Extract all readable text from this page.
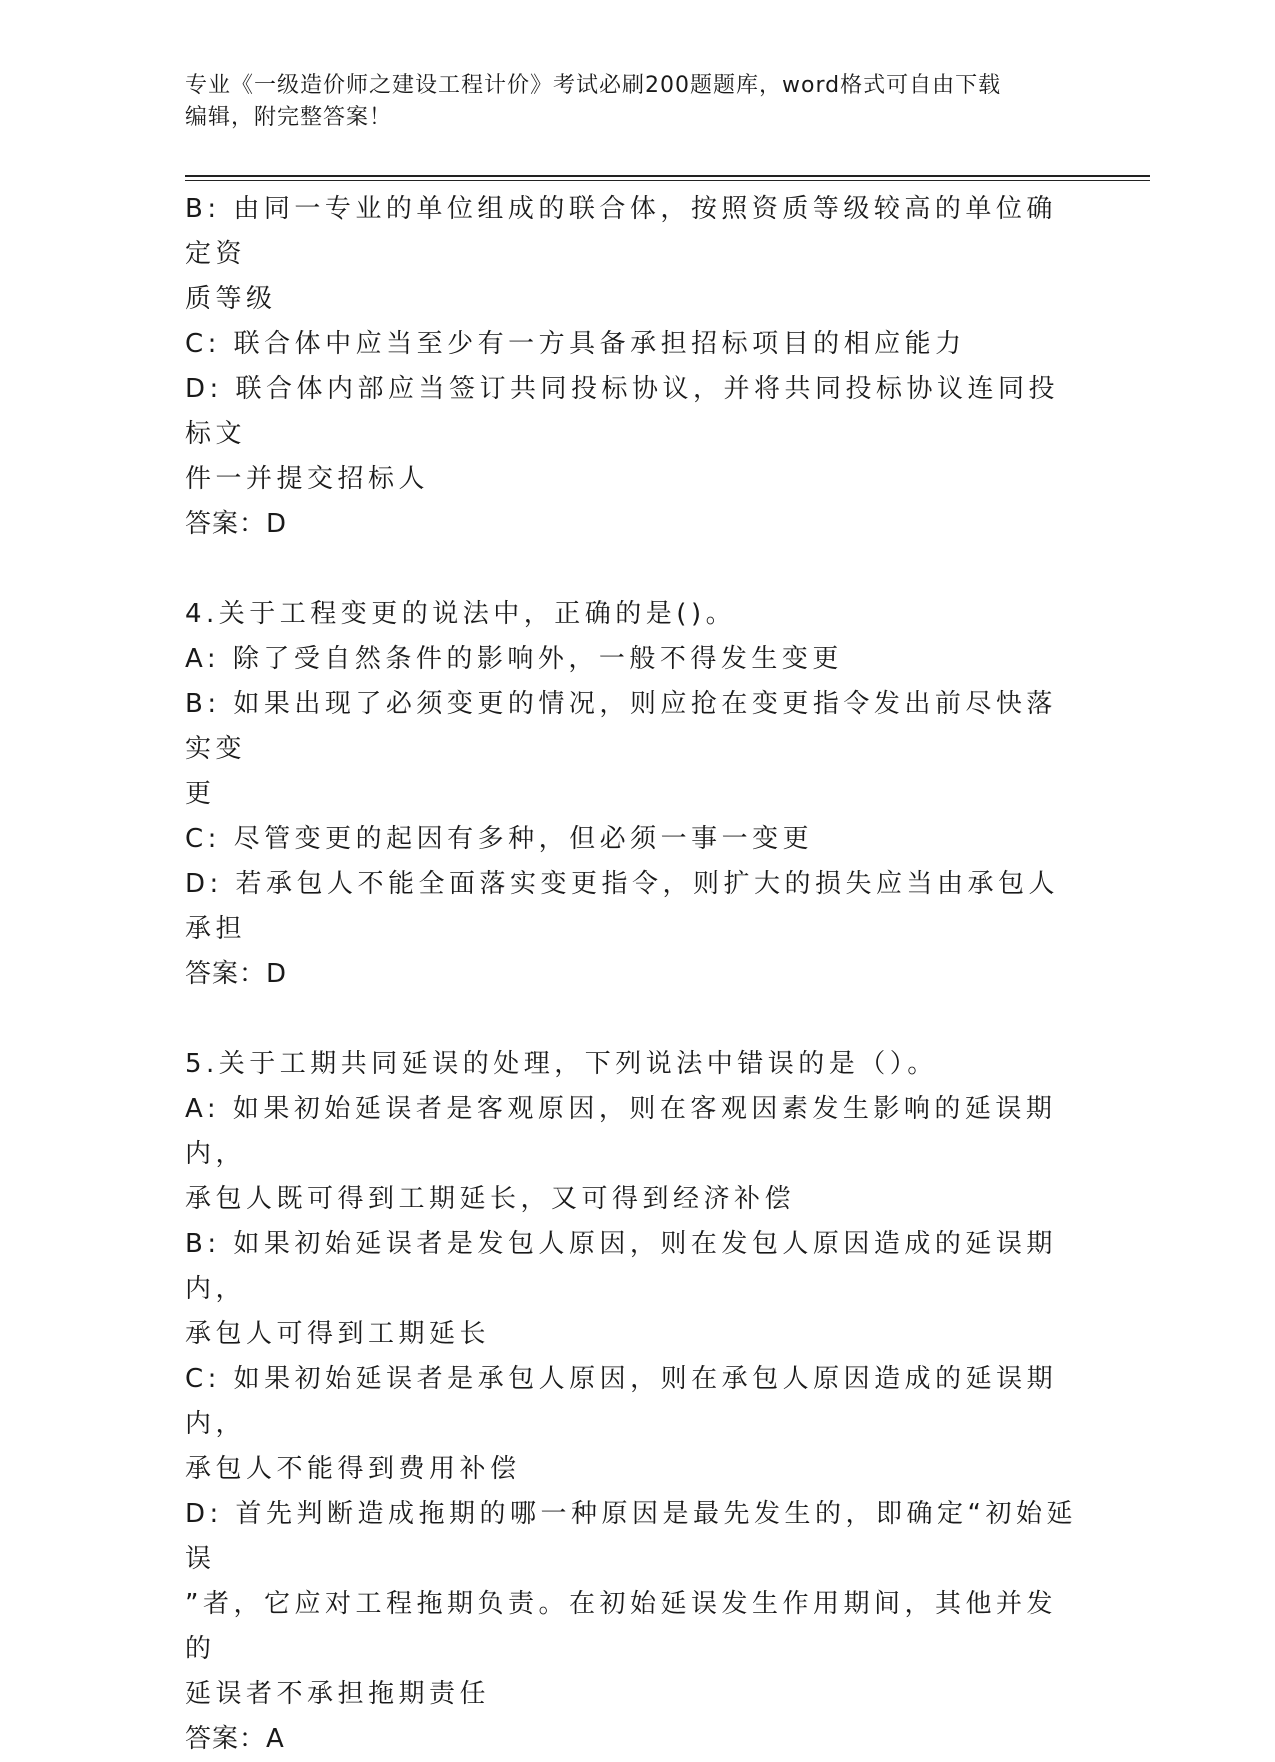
专业《一级造价师之建设工程计价》考试必刷200题题库，word格式可自由下载
编辑，附完整答案！

B: 由同一专业的单位组成的联合体，按照资质等级较高的单位确定资

质等级

C: 联合体中应当至少有一方具备承担招标项目的相应能力

D: 联合体内部应当签订共同投标协议，并将共同投标协议连同投标文

件一并提交招标人

答案：D

4.关于工程变更的说法中，正确的是()。

A: 除了受自然条件的影响外，一般不得发生变更

B: 如果出现了必须变更的情况，则应抢在变更指令发出前尽快落实变

更

C: 尽管变更的起因有多种，但必须一事一变更

D: 若承包人不能全面落实变更指令，则扩大的损失应当由承包人承担

答案：D

5.关于工期共同延误的处理，下列说法中错误的是（）。

A: 如果初始延误者是客观原因，则在客观因素发生影响的延误期内，

承包人既可得到工期延长，又可得到经济补偿

B: 如果初始延误者是发包人原因，则在发包人原因造成的延误期内，

承包人可得到工期延长

C: 如果初始延误者是承包人原因，则在承包人原因造成的延误期内，

承包人不能得到费用补偿

D: 首先判断造成拖期的哪一种原因是最先发生的，即确定“初始延误

”者，它应对工程拖期负责。在初始延误发生作用期间，其他并发的

延误者不承担拖期责任

答案：A
